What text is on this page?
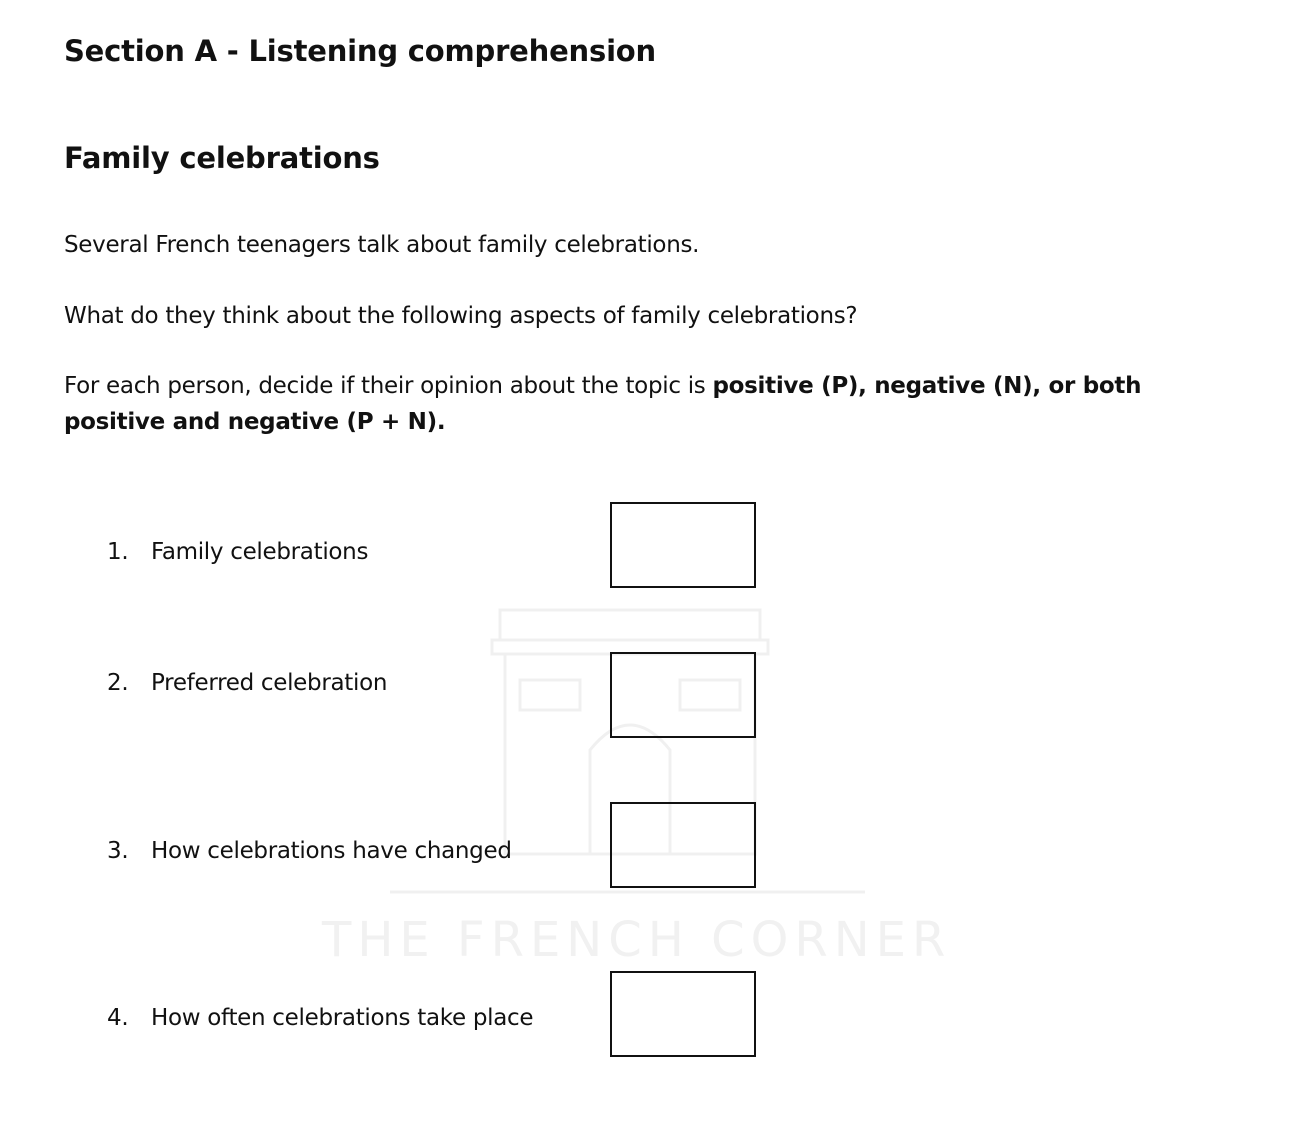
THE FRENCH CORNER
Section A - Listening comprehension
Family celebrations

Several French teenagers talk about family celebrations.

What do they think about the following aspects of family celebrations?

For each person, decide if their opinion about the topic is positive (P), negative (N), or both positive and negative (P + N).

1. Family celebrations
2. Preferred celebration
3. How celebrations have changed
4. How often celebrations take place
